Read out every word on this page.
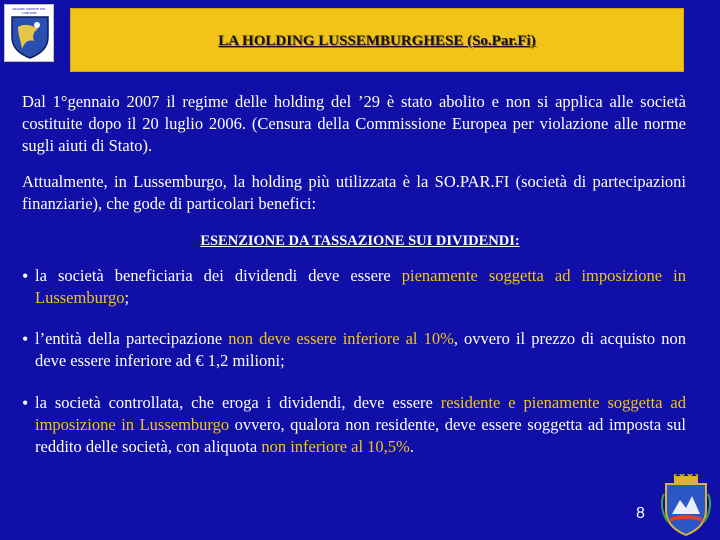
GRANDE ORIENTE DEL CANTONE
LA HOLDING LUSSEMBURGHESE (So.Par.Fi)
Dal 1°gennaio 2007 il regime delle holding del ’29 è stato abolito e non si applica alle società costituite dopo il 20 luglio 2006. (Censura della Commissione Europea per violazione alle norme sugli aiuti di Stato).
Attualmente, in Lussemburgo, la holding più utilizzata è la SO.PAR.FI (società di partecipazioni finanziarie), che gode di particolari benefici:
ESENZIONE DA TASSAZIONE SUI DIVIDENDI:
• la società beneficiaria dei dividendi deve essere pienamente soggetta ad imposizione in Lussemburgo;
• l’entità della partecipazione non deve essere inferiore al 10%, ovvero il prezzo di acquisto non deve essere inferiore ad € 1,2 milioni;
• la società controllata, che eroga i dividendi, deve essere residente e pienamente soggetta ad imposizione in Lussemburgo ovvero, qualora non residente, deve essere soggetta ad imposta sul reddito delle società, con aliquota non inferiore al 10,5%.
8
